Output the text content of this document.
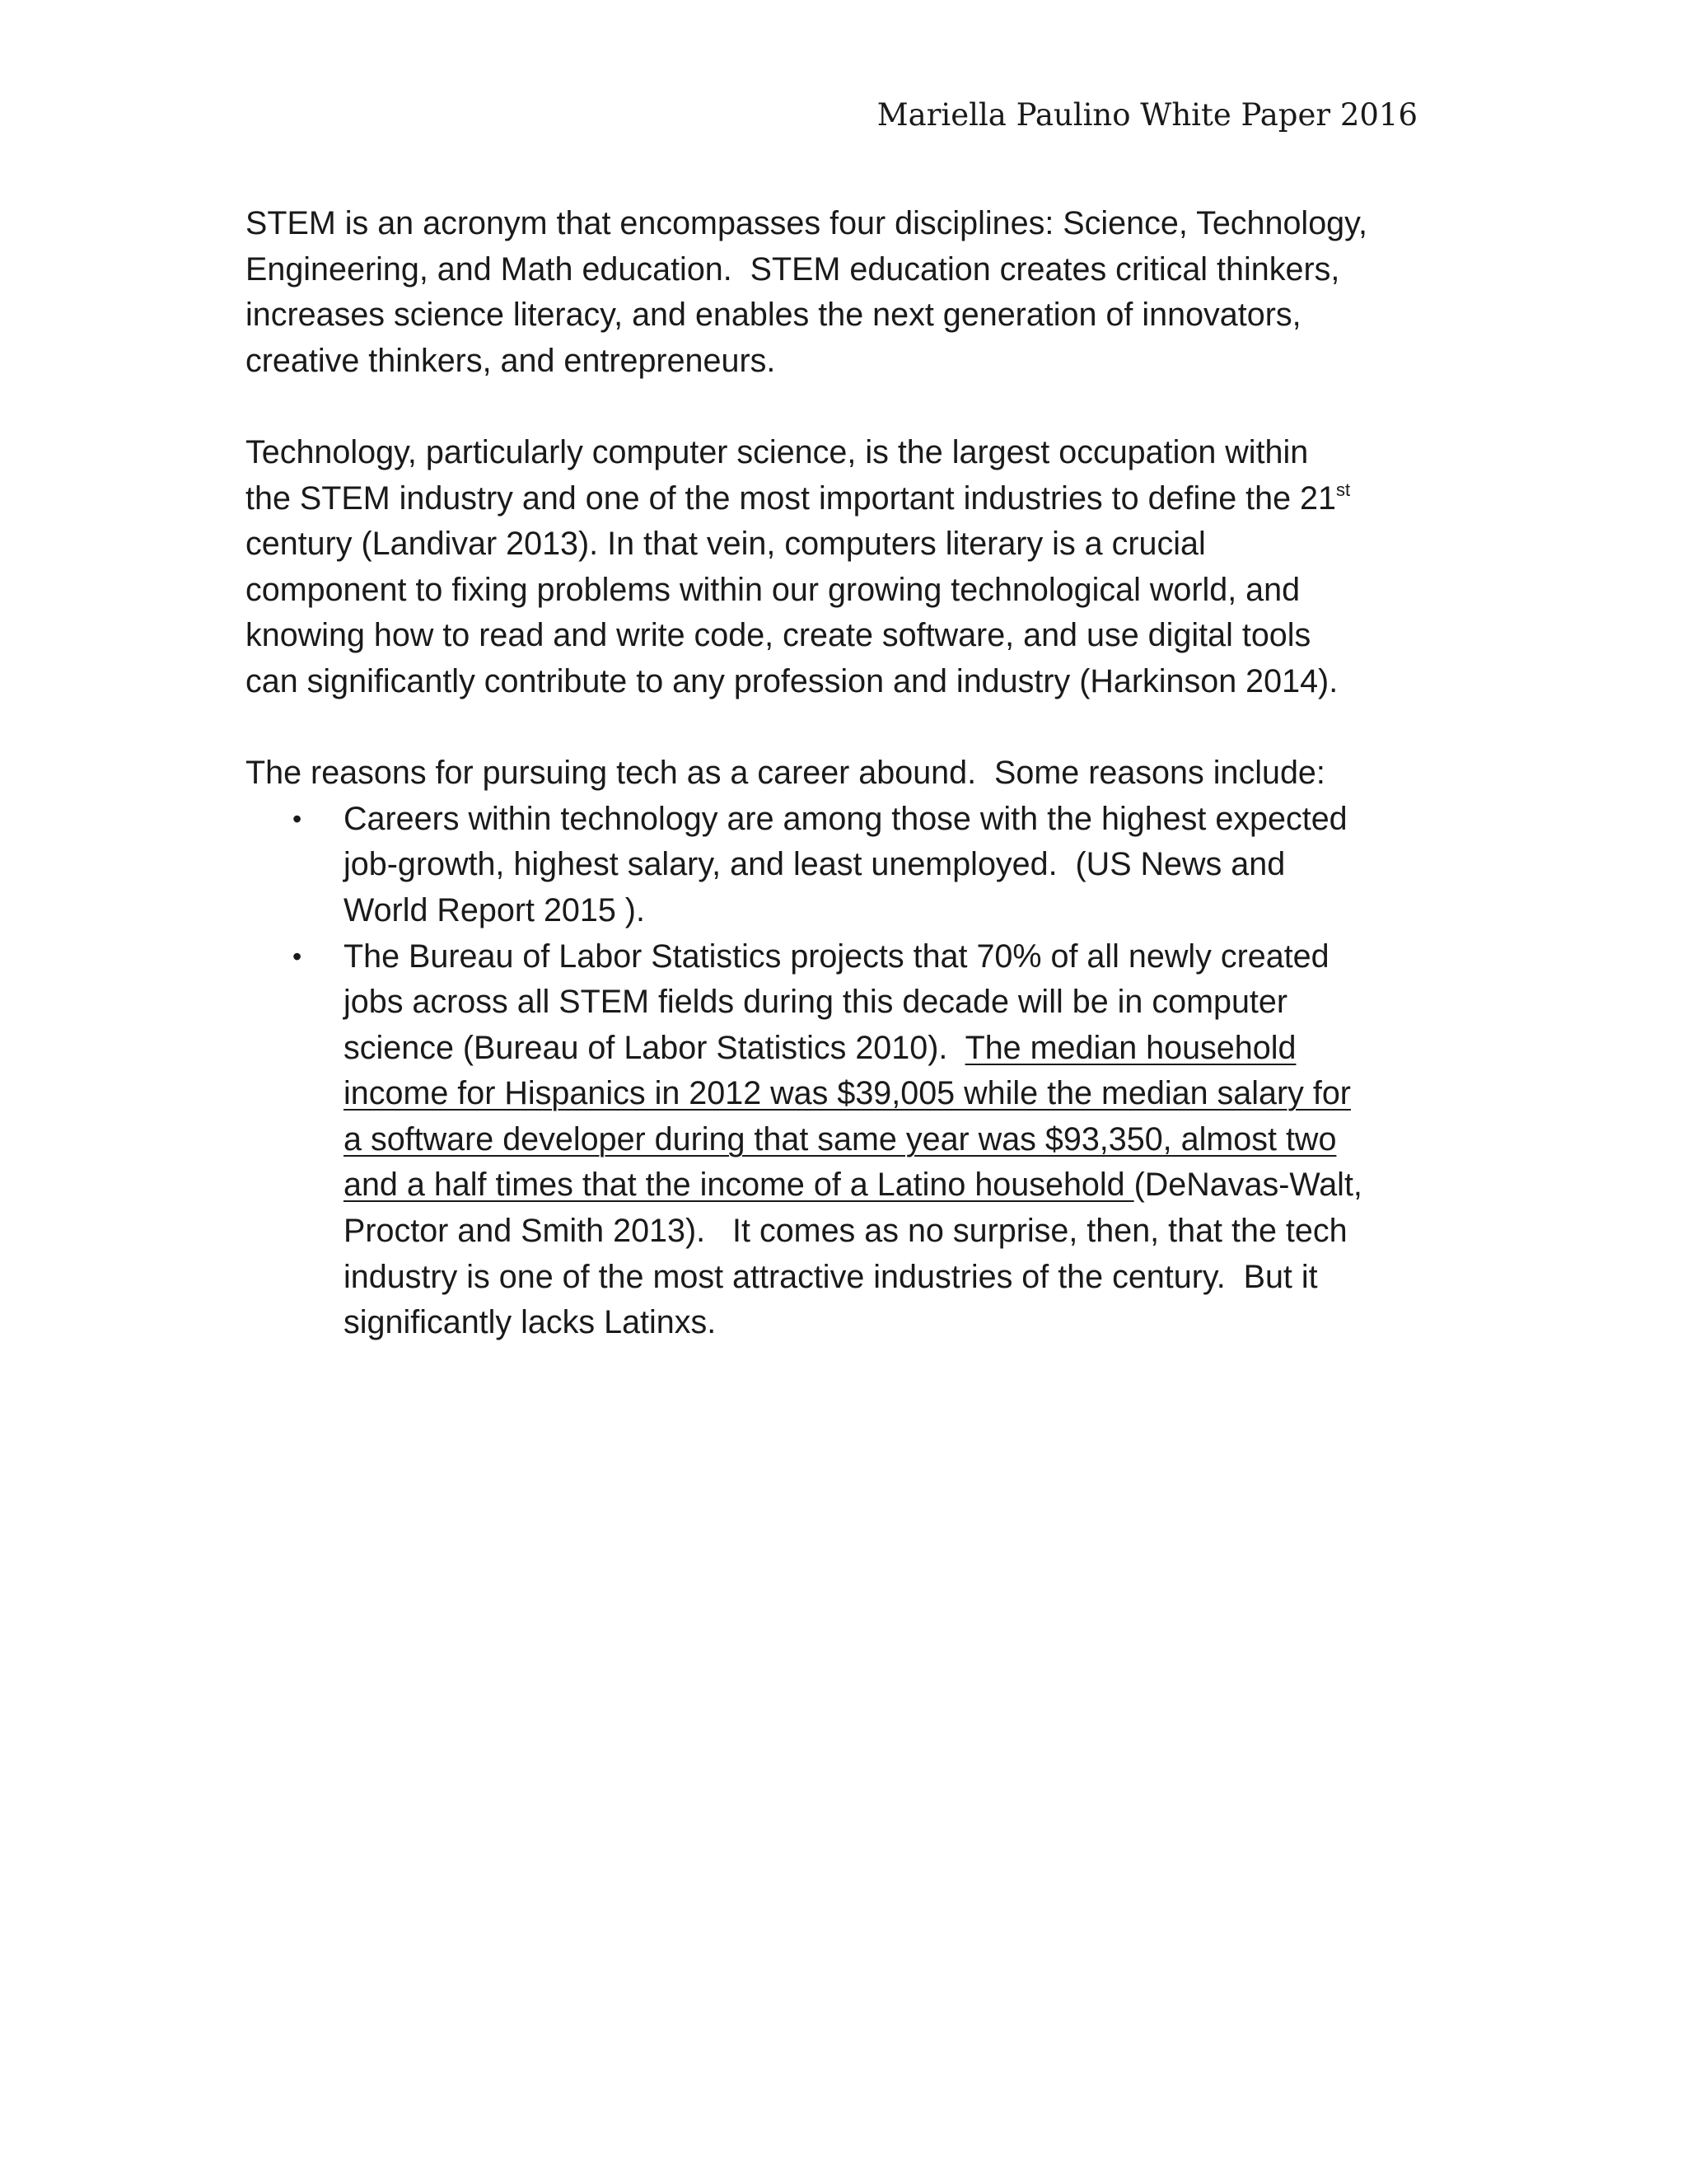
Mariella Paulino White Paper 2016
STEM is an acronym that encompasses four disciplines: Science, Technology,
Engineering, and Math education.  STEM education creates critical thinkers,
increases science literacy, and enables the next generation of innovators,
creative thinkers, and entrepreneurs.
Technology, particularly computer science, is the largest occupation within
the STEM industry and one of the most important industries to define the 21st
century (Landivar 2013). In that vein, computers literary is a crucial
component to fixing problems within our growing technological world, and
knowing how to read and write code, create software, and use digital tools
can significantly contribute to any profession and industry (Harkinson 2014).
The reasons for pursuing tech as a career abound.  Some reasons include:
• Careers within technology are among those with the highest expected
job-growth, highest salary, and least unemployed.  (US News and
World Report 2015 ).
• The Bureau of Labor Statistics projects that 70% of all newly created
jobs across all STEM fields during this decade will be in computer
science (Bureau of Labor Statistics 2010).  The median household
income for Hispanics in 2012 was $39,005 while the median salary for
a software developer during that same year was $93,350, almost two
and a half times that the income of a Latino household (DeNavas-Walt,
Proctor and Smith 2013).   It comes as no surprise, then, that the tech
industry is one of the most attractive industries of the century.  But it
significantly lacks Latinxs.
